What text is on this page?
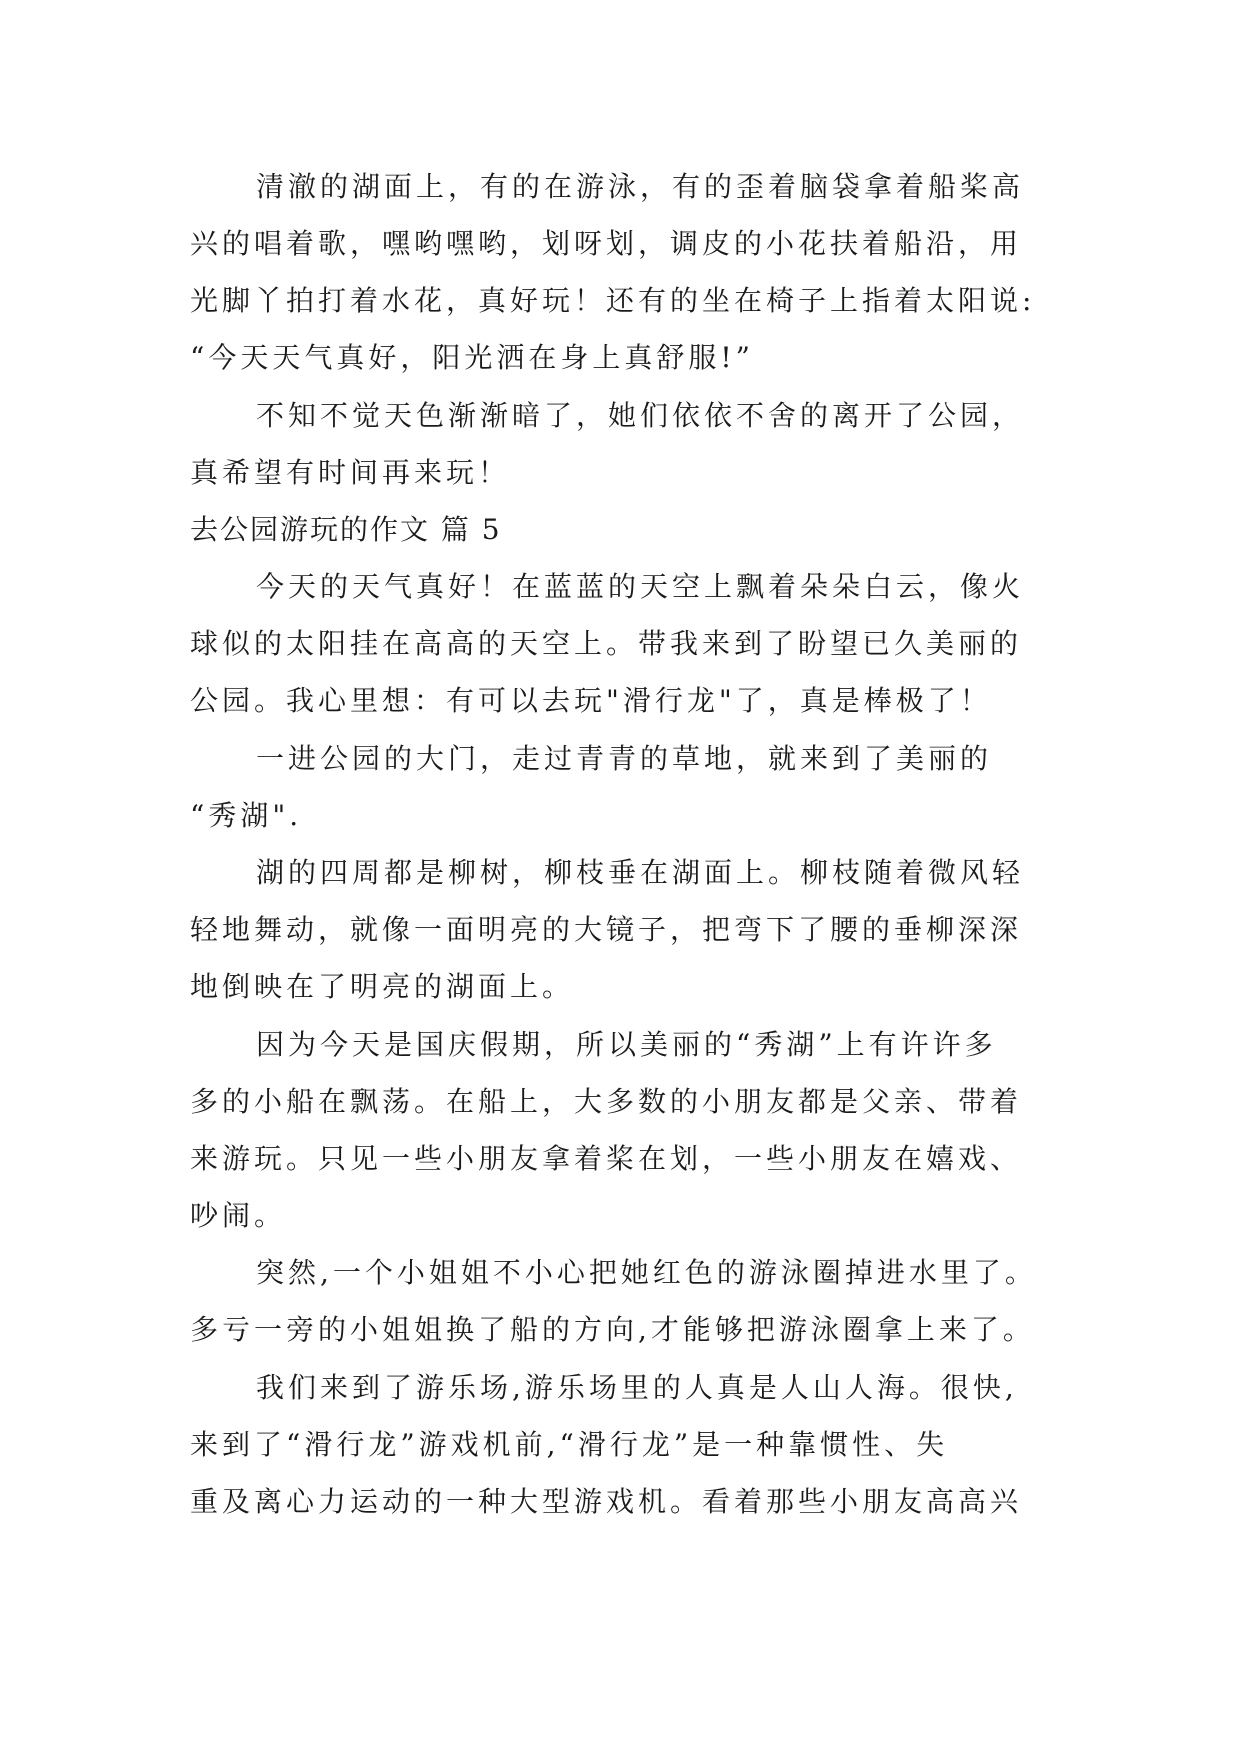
清澈的湖面上，有的在游泳，有的歪着脑袋拿着船桨高
兴的唱着歌，嘿哟嘿哟，划呀划，调皮的小花扶着船沿，用
光脚丫拍打着水花，真好玩！还有的坐在椅子上指着太阳说:
“今天天气真好，阳光洒在身上真舒服!”
不知不觉天色渐渐暗了，她们依依不舍的离开了公园，
真希望有时间再来玩！
去公园游玩的作文 篇 5
今天的天气真好！在蓝蓝的天空上飘着朵朵白云，像火
球似的太阳挂在高高的天空上。带我来到了盼望已久美丽的
公园。我心里想：有可以去玩"滑行龙"了，真是棒极了！
一进公园的大门，走过青青的草地，就来到了美丽的
“秀湖".
湖的四周都是柳树，柳枝垂在湖面上。柳枝随着微风轻
轻地舞动，就像一面明亮的大镜子，把弯下了腰的垂柳深深
地倒映在了明亮的湖面上。
因为今天是国庆假期，所以美丽的“秀湖”上有许许多
多的小船在飘荡。在船上，大多数的小朋友都是父亲、带着
来游玩。只见一些小朋友拿着桨在划，一些小朋友在嬉戏、
吵闹。
突然,一个小姐姐不小心把她红色的游泳圈掉进水里了。
多亏一旁的小姐姐换了船的方向,才能够把游泳圈拿上来了。
我们来到了游乐场,游乐场里的人真是人山人海。很快,
来到了“滑行龙”游戏机前,“滑行龙”是一种靠惯性、失
重及离心力运动的一种大型游戏机。看着那些小朋友高高兴
